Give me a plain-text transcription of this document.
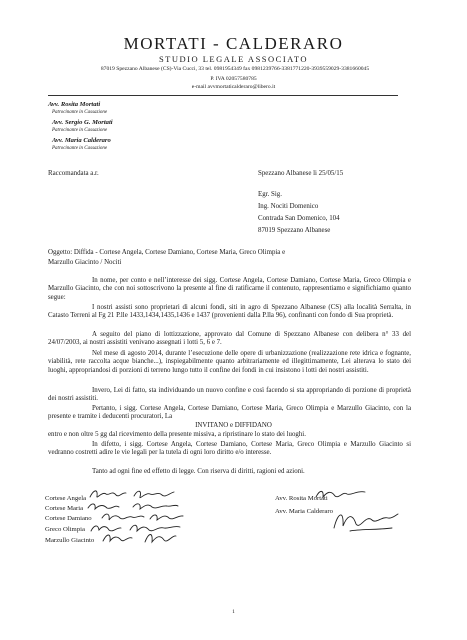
MORTATI - CALDERARO
STUDIO LEGALE ASSOCIATO
87019 Spezzano Albanese (CS)-Via Cucci, 33 tel. 0981954349 fax 0981239766-3381771220-3939559029-3381660045
P. IVA 02057580785
e-mail avvmortaticalderaro@libero.it
Avv. Rosita Mortati
Patrocinante in Cassazione
Avv. Sergio G. Mortati
Patrocinante in Cassazione
Avv. Maria Calderaro
Patrocinante in Cassazione
Raccomandata a.r.	Spezzano Albanese li 25/05/15
Egr. Sig.
Ing. Nociti Domenico
Contrada San Domenico, 104
87019 Spezzano Albanese
Oggetto: Diffida - Cortese Angela, Cortese Damiano, Cortese Maria, Greco Olimpia e
Marzullo Giacinto / Nociti
In nome, per conto e nell’interesse dei sigg. Cortese Angela, Cortese Damiano, Cortese Maria, Greco Olimpia e Marzullo Giacinto, che con noi sottoscrivono la presente al fine di ratificarne il contenuto, rappresentiamo e significhiamo quanto segue:
I nostri assisti sono proprietari di alcuni fondi, siti in agro di Spezzano Albanese (CS) alla località Serralta, in Catasto Terreni al Fg 21 P.lle 1433,1434,1435,1436 e 1437 (provenienti dalla P.lla 96), confinanti con fondo di Sua proprietà.
A seguito del piano di lottizzazione, approvato dal Comune di Spezzano Albanese con delibera n° 33 del 24/07/2003, ai nostri assistiti venivano assegnati i lotti 5, 6 e 7.
Nel mese di agosto 2014, durante l’esecuzione delle opere di urbanizzazione (realizzazione rete idrica e fognante, viabilità, rete raccolta acque bianche...), inspiegabilmente quanto arbitrariamente ed illegittimamente, Lei alterava lo stato dei luoghi, appropriandosi di porzioni di terreno lungo tutto il confine dei fondi in cui insistono i lotti dei nostri assistiti.
Invero, Lei di fatto, sta individuando un nuovo confine e così facendo si sta appropriando di porzione di proprietà dei nostri assistiti.
Pertanto, i sigg. Cortese Angela, Cortese Damiano, Cortese Maria, Greco Olimpia e Marzullo Giacinto, con la presente e tramite i deducenti procuratori, La
INVITANO e DIFFIDANO
entro e non oltre 5 gg dal ricevimento della presente missiva, a ripristinare lo stato dei luoghi.
In difetto, i sigg. Cortese Angela, Cortese Damiano, Cortese Maria, Greco Olimpia e Marzullo Giacinto si vedranno costretti adire le vie legali per la tutela di ogni loro diritto e/o interesse.
Tanto ad ogni fine ed effetto di legge. Con riserva di diritti, ragioni ed azioni.
Cortese Angela
Cortese Maria
Cortese Damiano
Greco Olimpia
Marzullo Giacinto
Avv. Rosita Mortati
Avv. Maria Calderaro
1
